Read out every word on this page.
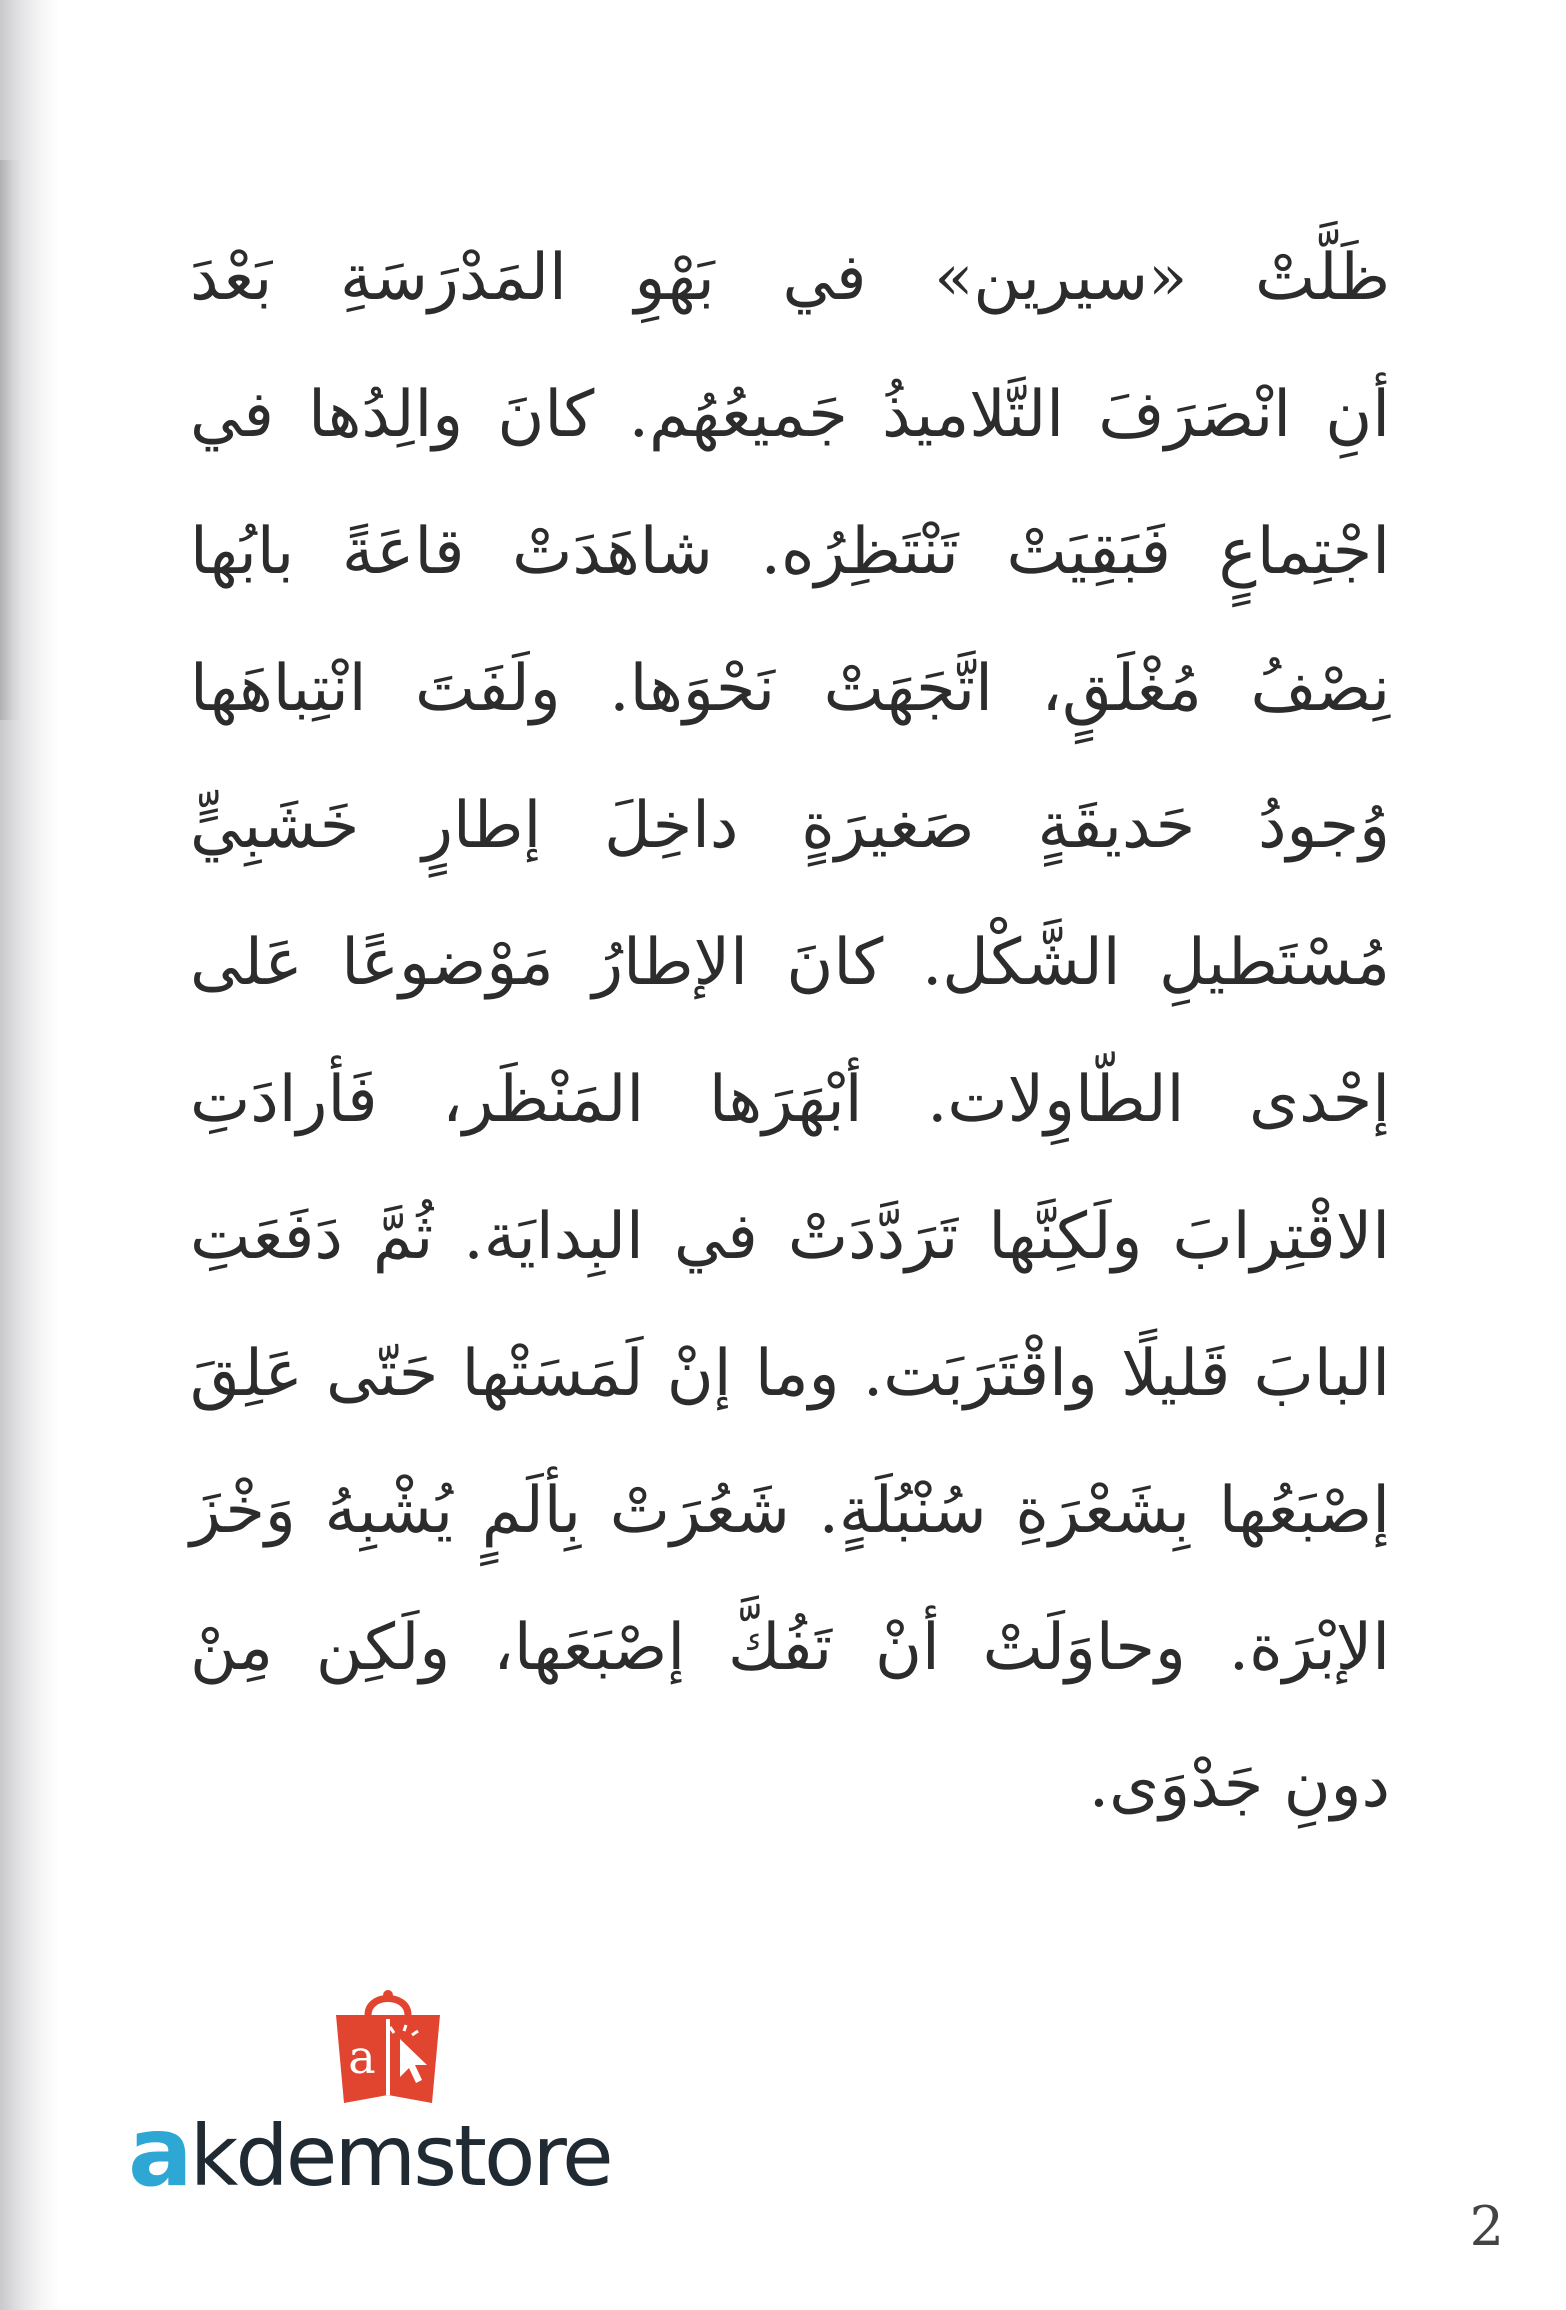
ظَلَّتْ «سيرين» في بَهْوِ المَدْرَسَةِ بَعْدَ
أنِ انْصَرَفَ التَّلاميذُ جَميعُهُم. كانَ والِدُها في
اجْتِماعٍ فَبَقِيَتْ تَنْتَظِرُه. شاهَدَتْ قاعَةً بابُها
نِصْفُ مُغْلَقٍ، اتَّجَهَتْ نَحْوَها. ولَفَتَ انْتِباهَها
وُجودُ حَديقَةٍ صَغيرَةٍ داخِلَ إطارٍ خَشَبِيٍّ
مُسْتَطيلِ الشَّكْل. كانَ الإطارُ مَوْضوعًا عَلى
إحْدى الطّاوِلات. أبْهَرَها المَنْظَر، فَأرادَتِ
الاقْتِرابَ ولَكِنَّها تَرَدَّدَتْ في البِدايَة. ثُمَّ دَفَعَتِ
البابَ قَليلًا واقْتَرَبَت. وما إنْ لَمَسَتْها حَتّى عَلِقَ
إصْبَعُها بِشَعْرَةِ سُنْبُلَةٍ. شَعُرَتْ بِألَمٍ يُشْبِهُ وَخْزَ
الإبْرَة. وحاوَلَتْ أنْ تَفُكَّ إصْبَعَها، ولَكِن مِنْ
دونِ جَدْوَى.
a
akdemstore
2
